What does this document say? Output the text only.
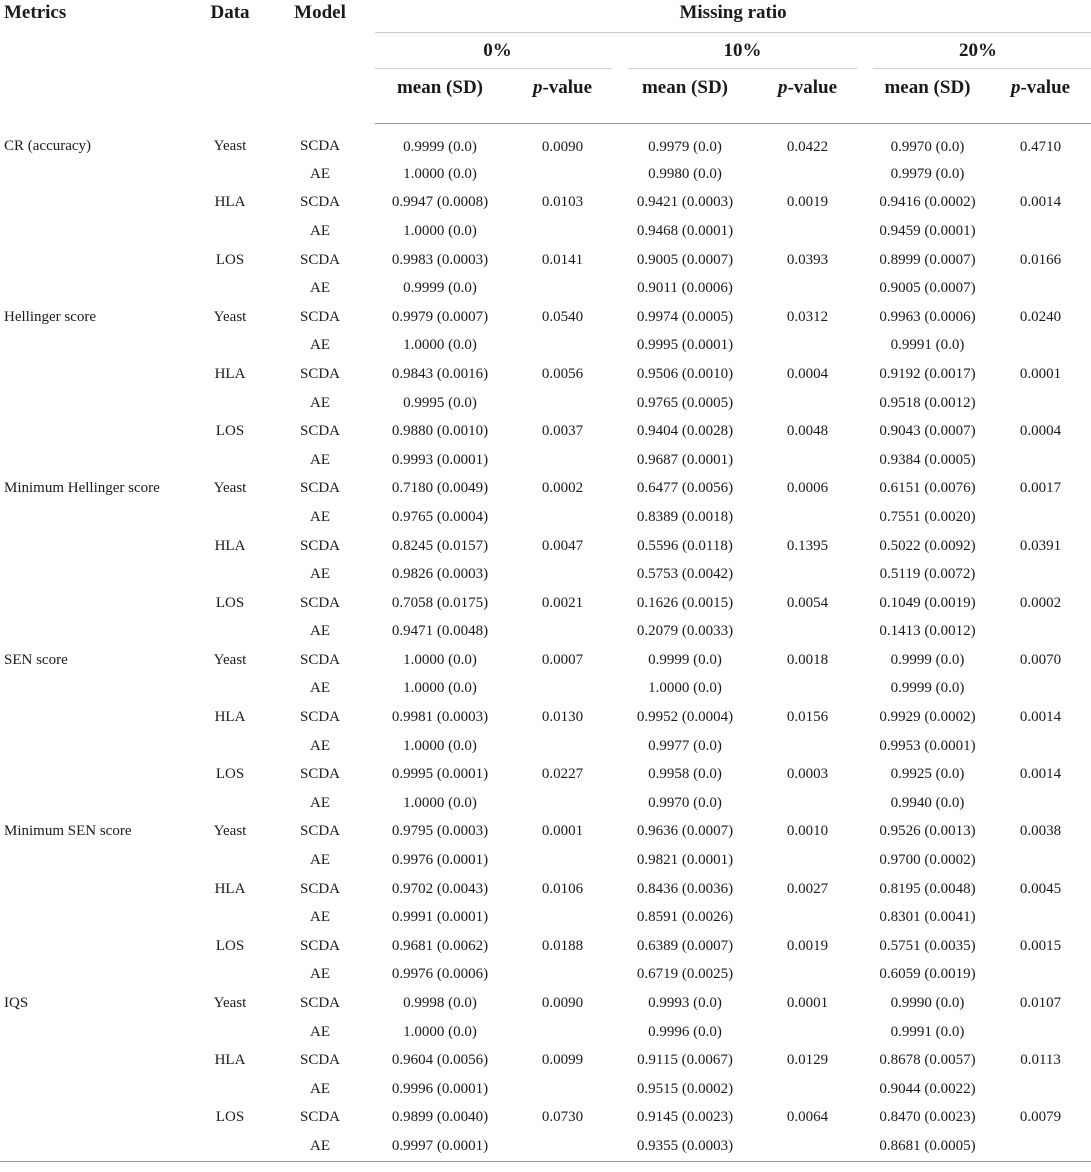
Metrics	Data	Model	Missing ratio					
			0%		10%		20%	
			mean (SD)	p-value	mean (SD)	p-value	mean (SD)	p-value
CR (accuracy)	Yeast	SCDA	0.9999 (0.0)	0.0090	0.9979 (0.0)	0.0422	0.9970 (0.0)	0.4710
		AE	1.0000 (0.0)		0.9980 (0.0)		0.9979 (0.0)	
	HLA	SCDA	0.9947 (0.0008)	0.0103	0.9421 (0.0003)	0.0019	0.9416 (0.0002)	0.0014
		AE	1.0000 (0.0)		0.9468 (0.0001)		0.9459 (0.0001)	
	LOS	SCDA	0.9983 (0.0003)	0.0141	0.9005 (0.0007)	0.0393	0.8999 (0.0007)	0.0166
		AE	0.9999 (0.0)		0.9011 (0.0006)		0.9005 (0.0007)	
Hellinger score	Yeast	SCDA	0.9979 (0.0007)	0.0540	0.9974 (0.0005)	0.0312	0.9963 (0.0006)	0.0240
		AE	1.0000 (0.0)		0.9995 (0.0001)		0.9991 (0.0)	
	HLA	SCDA	0.9843 (0.0016)	0.0056	0.9506 (0.0010)	0.0004	0.9192 (0.0017)	0.0001
		AE	0.9995 (0.0)		0.9765 (0.0005)		0.9518 (0.0012)	
	LOS	SCDA	0.9880 (0.0010)	0.0037	0.9404 (0.0028)	0.0048	0.9043 (0.0007)	0.0004
		AE	0.9993 (0.0001)		0.9687 (0.0001)		0.9384 (0.0005)	
Minimum Hellinger score	Yeast	SCDA	0.7180 (0.0049)	0.0002	0.6477 (0.0056)	0.0006	0.6151 (0.0076)	0.0017
		AE	0.9765 (0.0004)		0.8389 (0.0018)		0.7551 (0.0020)	
	HLA	SCDA	0.8245 (0.0157)	0.0047	0.5596 (0.0118)	0.1395	0.5022 (0.0092)	0.0391
		AE	0.9826 (0.0003)		0.5753 (0.0042)		0.5119 (0.0072)	
	LOS	SCDA	0.7058 (0.0175)	0.0021	0.1626 (0.0015)	0.0054	0.1049 (0.0019)	0.0002
		AE	0.9471 (0.0048)		0.2079 (0.0033)		0.1413 (0.0012)	
SEN score	Yeast	SCDA	1.0000 (0.0)	0.0007	0.9999 (0.0)	0.0018	0.9999 (0.0)	0.0070
		AE	1.0000 (0.0)		1.0000 (0.0)		0.9999 (0.0)	
	HLA	SCDA	0.9981 (0.0003)	0.0130	0.9952 (0.0004)	0.0156	0.9929 (0.0002)	0.0014
		AE	1.0000 (0.0)		0.9977 (0.0)		0.9953 (0.0001)	
	LOS	SCDA	0.9995 (0.0001)	0.0227	0.9958 (0.0)	0.0003	0.9925 (0.0)	0.0014
		AE	1.0000 (0.0)		0.9970 (0.0)		0.9940 (0.0)	
Minimum SEN score	Yeast	SCDA	0.9795 (0.0003)	0.0001	0.9636 (0.0007)	0.0010	0.9526 (0.0013)	0.0038
		AE	0.9976 (0.0001)		0.9821 (0.0001)		0.9700 (0.0002)	
	HLA	SCDA	0.9702 (0.0043)	0.0106	0.8436 (0.0036)	0.0027	0.8195 (0.0048)	0.0045
		AE	0.9991 (0.0001)		0.8591 (0.0026)		0.8301 (0.0041)	
	LOS	SCDA	0.9681 (0.0062)	0.0188	0.6389 (0.0007)	0.0019	0.5751 (0.0035)	0.0015
		AE	0.9976 (0.0006)		0.6719 (0.0025)		0.6059 (0.0019)	
IQS	Yeast	SCDA	0.9998 (0.0)	0.0090	0.9993 (0.0)	0.0001	0.9990 (0.0)	0.0107
		AE	1.0000 (0.0)		0.9996 (0.0)		0.9991 (0.0)	
	HLA	SCDA	0.9604 (0.0056)	0.0099	0.9115 (0.0067)	0.0129	0.8678 (0.0057)	0.0113
		AE	0.9996 (0.0001)		0.9515 (0.0002)		0.9044 (0.0022)	
	LOS	SCDA	0.9899 (0.0040)	0.0730	0.9145 (0.0023)	0.0064	0.8470 (0.0023)	0.0079
		AE	0.9997 (0.0001)		0.9355 (0.0003)		0.8681 (0.0005)	
